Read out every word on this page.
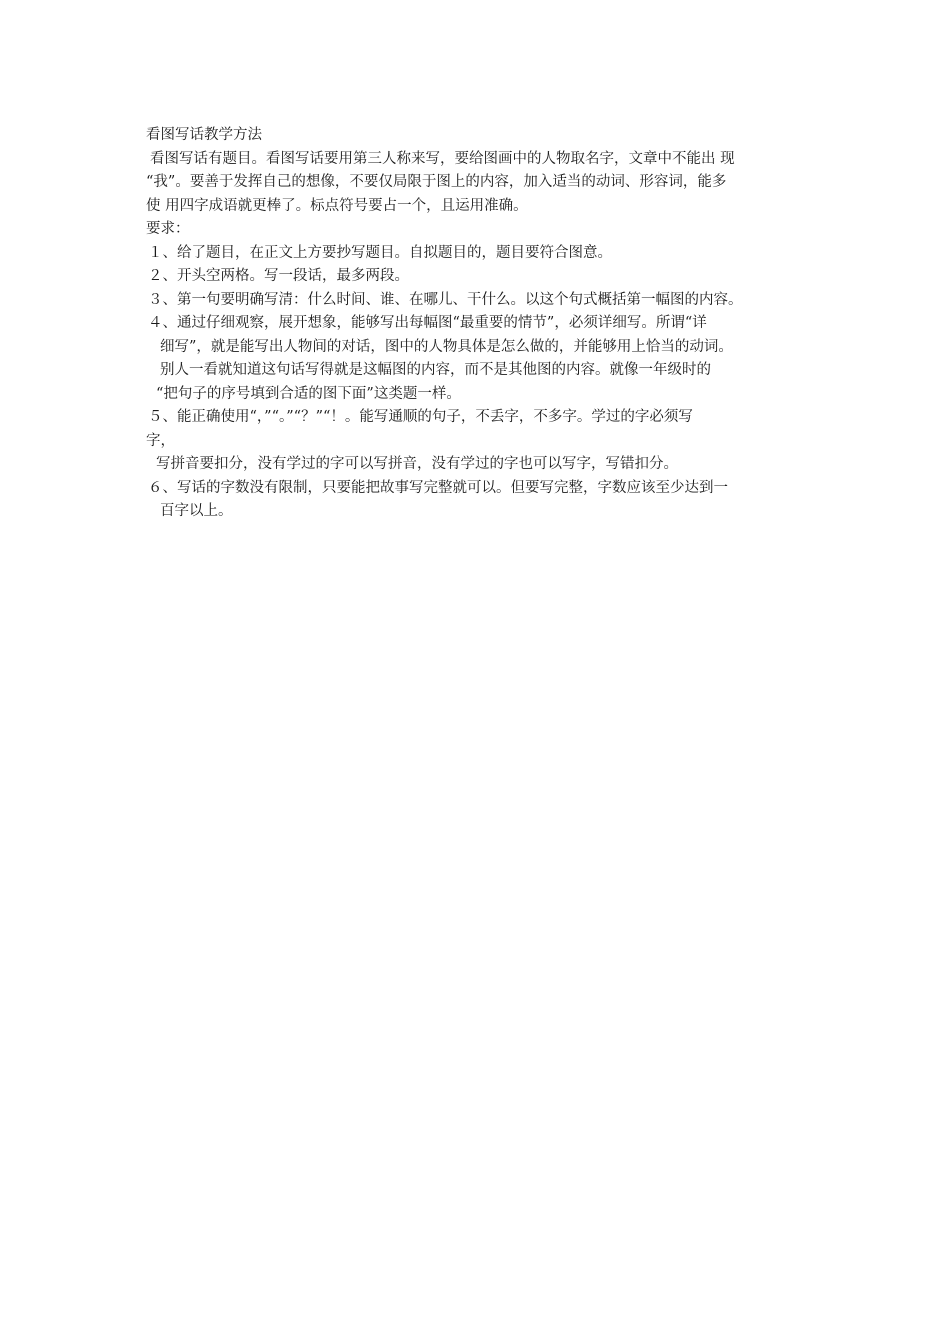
看图写话教学方法
看图写话有题目。看图写话要用第三人称来写，要给图画中的人物取名字，文章中不能出 现
“我”。要善于发挥自己的想像，不要仅局限于图上的内容，加入适当的动词、形容词，能多
使 用四字成语就更棒了。标点符号要占一个，且运用准确。
要求：
１、给了题目，在正文上方要抄写题目。自拟题目的，题目要符合图意。
２、开头空两格。写一段话，最多两段。
３、第一句要明确写清：什么时间、谁、在哪儿、干什么。以这个句式概括第一幅图的内容。
４、通过仔细观察，展开想象，能够写出每幅图“最重要的情节”，必须详细写。所谓“详
细写”，就是能写出人物间的对话，图中的人物具体是怎么做的，并能够用上恰当的动词。
别人一看就知道这句话写得就是这幅图的内容，而不是其他图的内容。就像一年级时的
“把句子的序号填到合适的图下面”这类题一样。
５、能正确使用“，”“。”“？”“！。能写通顺的句子，不丢字，不多字。学过的字必须写
字，
写拼音要扣分，没有学过的字可以写拼音，没有学过的字也可以写字，写错扣分。
６、写话的字数没有限制，只要能把故事写完整就可以。但要写完整，字数应该至少达到一
百字以上。
